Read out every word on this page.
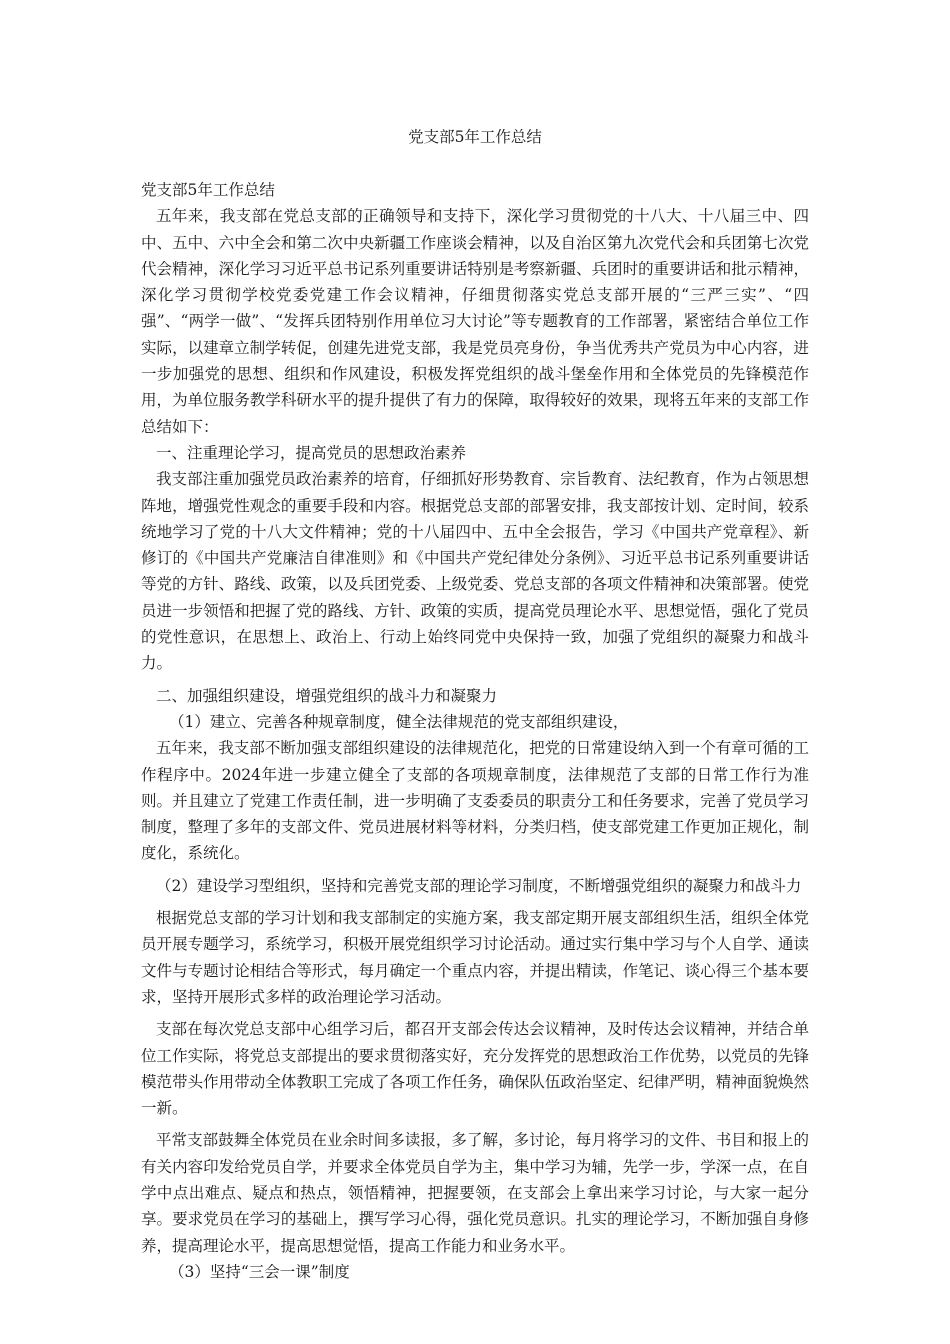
党支部5年工作总结

党支部5年工作总结

五年来，我支部在党总支部的正确领导和支持下，深化学习贯彻党的十八大、十八届三中、四中、五中、六中全会和第二次中央新疆工作座谈会精神，以及自治区第九次党代会和兵团第七次党代会精神，深化学习习近平总书记系列重要讲话特别是考察新疆、兵团时的重要讲话和批示精神，深化学习贯彻学校党委党建工作会议精神，仔细贯彻落实党总支部开展的“三严三实”、“四强”、“两学一做”、“发挥兵团特别作用单位习大讨论”等专题教育的工作部署，紧密结合单位工作实际，以建章立制学转促，创建先进党支部，我是党员亮身份，争当优秀共产党员为中心内容，进一步加强党的思想、组织和作风建设，积极发挥党组织的战斗堡垒作用和全体党员的先锋模范作用，为单位服务教学科研水平的提升提供了有力的保障，取得较好的效果，现将五年来的支部工作总结如下：

一、注重理论学习，提高党员的思想政治素养

我支部注重加强党员政治素养的培育，仔细抓好形势教育、宗旨教育、法纪教育，作为占领思想阵地，增强党性观念的重要手段和内容。根据党总支部的部署安排，我支部按计划、定时间，较系统地学习了党的十八大文件精神；党的十八届四中、五中全会报告，学习《中国共产党章程》、新修订的《中国共产党廉洁自律准则》和《中国共产党纪律处分条例》、习近平总书记系列重要讲话等党的方针、路线、政策，以及兵团党委、上级党委、党总支部的各项文件精神和决策部署。使党员进一步领悟和把握了党的路线、方针、政策的实质，提高党员理论水平、思想觉悟，强化了党员的党性意识，在思想上、政治上、行动上始终同党中央保持一致，加强了党组织的凝聚力和战斗力。

二、加强组织建设，增强党组织的战斗力和凝聚力

（1）建立、完善各种规章制度，健全法律规范的党支部组织建设，

五年来，我支部不断加强支部组织建设的法律规范化，把党的日常建设纳入到一个有章可循的工作程序中。2024年进一步建立健全了支部的各项规章制度，法律规范了支部的日常工作行为准则。并且建立了党建工作责任制，进一步明确了支委委员的职责分工和任务要求，完善了党员学习制度，整理了多年的支部文件、党员进展材料等材料，分类归档，使支部党建工作更加正规化，制度化，系统化。

（2）建设学习型组织，坚持和完善党支部的理论学习制度，不断增强党组织的凝聚力和战斗力

根据党总支部的学习计划和我支部制定的实施方案，我支部定期开展支部组织生活，组织全体党员开展专题学习，系统学习，积极开展党组织学习讨论活动。通过实行集中学习与个人自学、通读文件与专题讨论相结合等形式，每月确定一个重点内容，并提出精读，作笔记、谈心得三个基本要求，坚持开展形式多样的政治理论学习活动。

支部在每次党总支部中心组学习后，都召开支部会传达会议精神，及时传达会议精神，并结合单位工作实际，将党总支部提出的要求贯彻落实好，充分发挥党的思想政治工作优势，以党员的先锋模范带头作用带动全体教职工完成了各项工作任务，确保队伍政治坚定、纪律严明，精神面貌焕然一新。

平常支部鼓舞全体党员在业余时间多读报，多了解，多讨论，每月将学习的文件、书目和报上的有关内容印发给党员自学，并要求全体党员自学为主，集中学习为辅，先学一步，学深一点，在自学中点出难点、疑点和热点，领悟精神，把握要领，在支部会上拿出来学习讨论，与大家一起分享。要求党员在学习的基础上，撰写学习心得，强化党员意识。扎实的理论学习，不断加强自身修养，提高理论水平，提高思想觉悟，提高工作能力和业务水平。

（3）坚持“三会一课”制度
